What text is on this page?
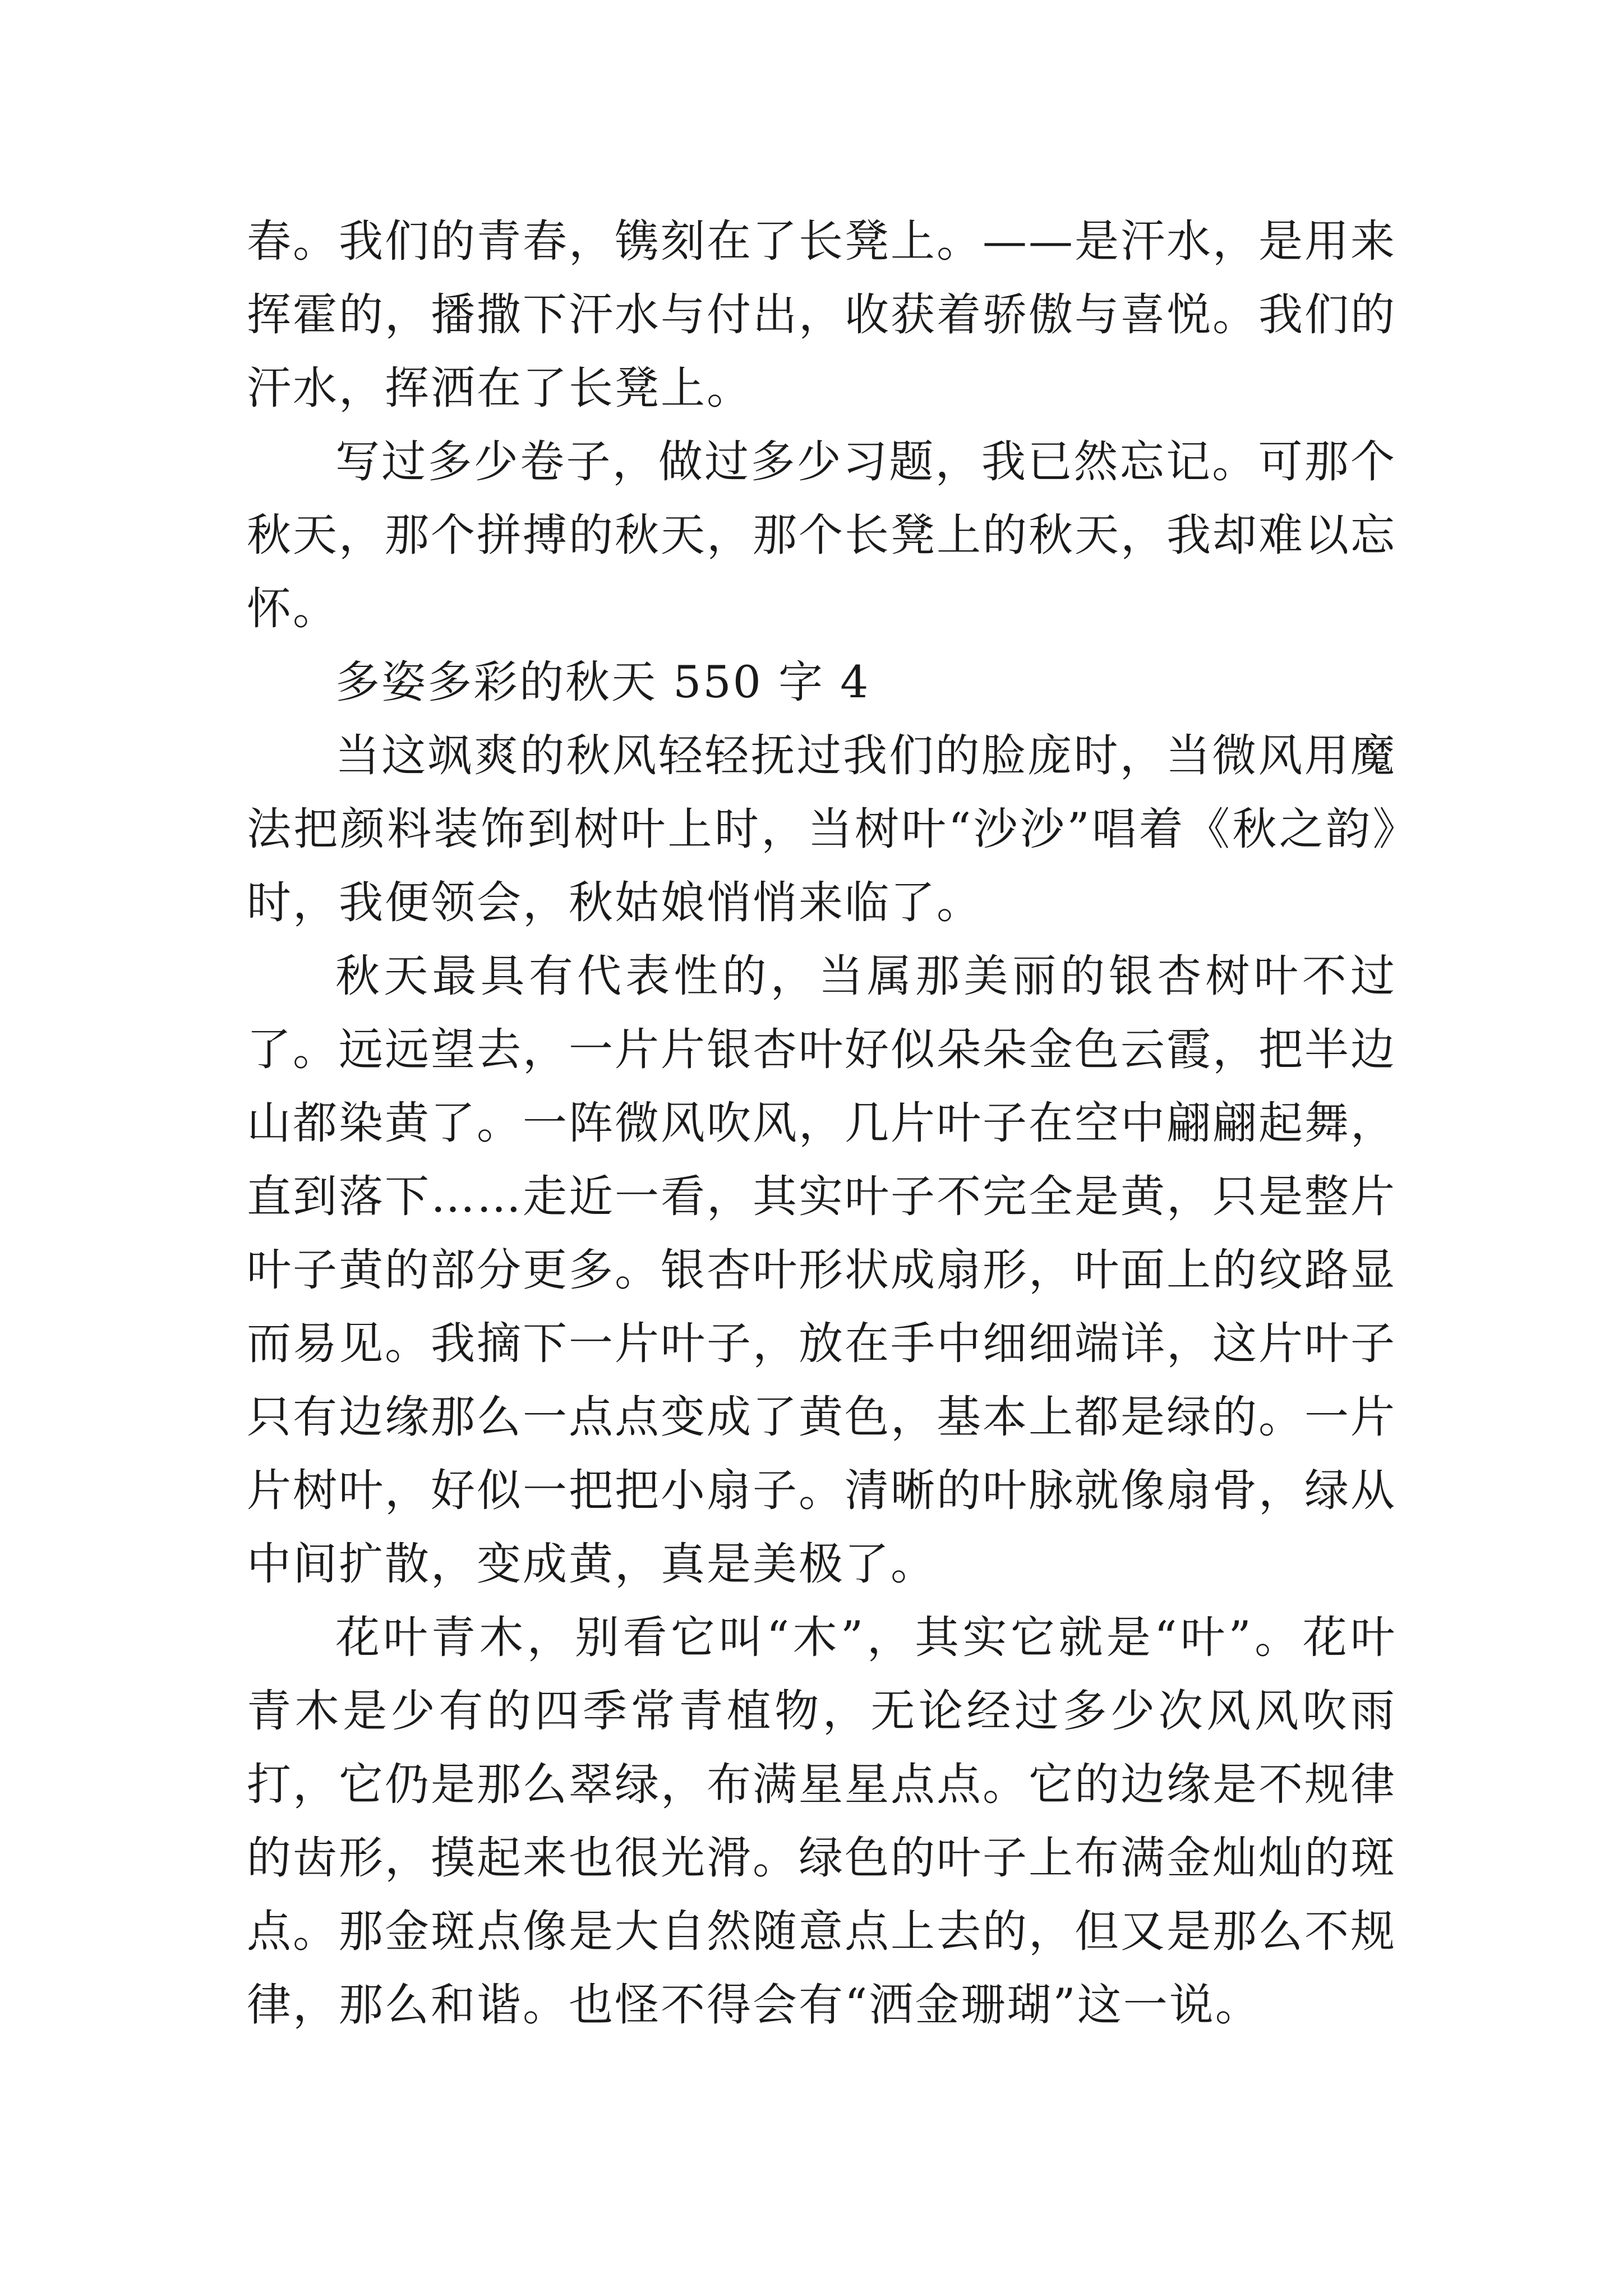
春。我们的青春，镌刻在了长凳上。——是汗水，是用来挥霍的，播撒下汗水与付出，收获着骄傲与喜悦。我们的汗水，挥洒在了长凳上。

写过多少卷子，做过多少习题，我已然忘记。可那个秋天，那个拼搏的秋天，那个长凳上的秋天，我却难以忘怀。

多姿多彩的秋天 550 字 4

当这飒爽的秋风轻轻抚过我们的脸庞时，当微风用魔法把颜料装饰到树叶上时，当树叶“沙沙”唱着《秋之韵》时，我便领会，秋姑娘悄悄来临了。

秋天最具有代表性的，当属那美丽的银杏树叶不过了。远远望去，一片片银杏叶好似朵朵金色云霞，把半边山都染黄了。一阵微风吹风，几片叶子在空中翩翩起舞，直到落下……走近一看，其实叶子不完全是黄，只是整片叶子黄的部分更多。银杏叶形状成扇形，叶面上的纹路显而易见。我摘下一片叶子，放在手中细细端详，这片叶子只有边缘那么一点点变成了黄色，基本上都是绿的。一片片树叶，好似一把把小扇子。清晰的叶脉就像扇骨，绿从中间扩散，变成黄，真是美极了。

花叶青木，别看它叫“木”，其实它就是“叶”。花叶青木是少有的四季常青植物，无论经过多少次风风吹雨打，它仍是那么翠绿，布满星星点点。它的边缘是不规律的齿形，摸起来也很光滑。绿色的叶子上布满金灿灿的斑点。那金斑点像是大自然随意点上去的，但又是那么不规律，那么和谐。也怪不得会有“洒金珊瑚”这一说。
